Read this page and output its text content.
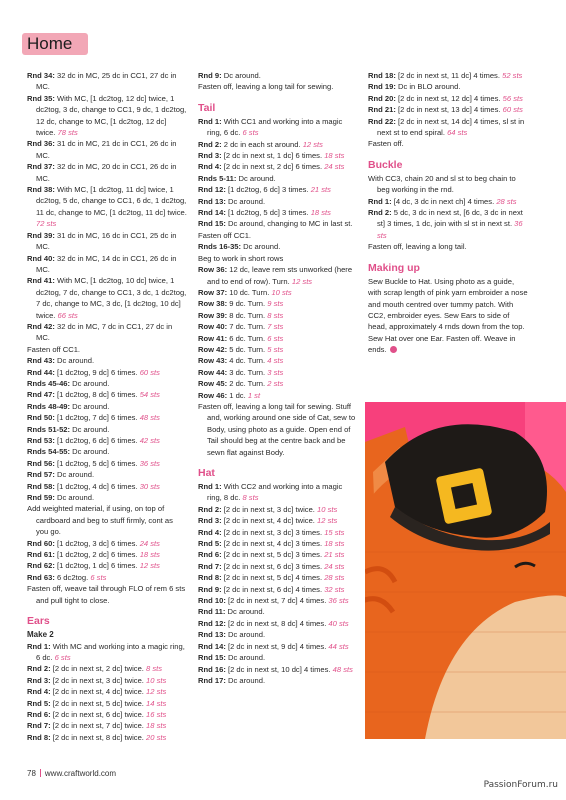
Home
Rnd 34: 32 dc in MC, 25 dc in CC1, 27 dc in MC.
Rnd 35: With MC, [1 dc2tog, 12 dc] twice, 1 dc2tog, 3 dc, change to CC1, 9 dc, 1 dc2tog, 12 dc, change to MC, [1 dc2tog, 12 dc] twice. 78 sts
Rnd 36: 31 dc in MC, 21 dc in CC1, 26 dc in MC.
Rnd 37: 32 dc in MC, 20 dc in CC1, 26 dc in MC.
Rnd 38: With MC, [1 dc2tog, 11 dc] twice, 1 dc2tog, 5 dc, change to CC1, 6 dc, 1 dc2tog, 11 dc, change to MC, [1 dc2tog, 11 dc] twice. 72 sts
Rnd 39: 31 dc in MC, 16 dc in CC1, 25 dc in MC.
Rnd 40: 32 dc in MC, 14 dc in CC1, 26 dc in MC.
Rnd 41: With MC, [1 dc2tog, 10 dc] twice, 1 dc2tog, 7 dc, change to CC1, 3 dc, 1 dc2tog, 7 dc, change to MC, 3 dc, [1 dc2tog, 10 dc] twice. 66 sts
Rnd 42: 32 dc in MC, 7 dc in CC1, 27 dc in MC.
Fasten off CC1.
Rnd 43: Dc around.
Rnd 44: [1 dc2tog, 9 dc] 6 times. 60 sts
Rnds 45-46: Dc around.
Rnd 47: [1 dc2tog, 8 dc] 6 times. 54 sts
Rnds 48-49: Dc around.
Rnd 50: [1 dc2tog, 7 dc] 6 times. 48 sts
Rnds 51-52: Dc around.
Rnd 53: [1 dc2tog, 6 dc] 6 times. 42 sts
Rnds 54-55: Dc around.
Rnd 56: [1 dc2tog, 5 dc] 6 times. 36 sts
Rnd 57: Dc around.
Rnd 58: [1 dc2tog, 4 dc] 6 times. 30 sts
Rnd 59: Dc around.
Add weighted material, if using, on top of cardboard and beg to stuff firmly, cont as you go.
Rnd 60: [1 dc2tog, 3 dc] 6 times. 24 sts
Rnd 61: [1 dc2tog, 2 dc] 6 times. 18 sts
Rnd 62: [1 dc2tog, 1 dc] 6 times. 12 sts
Rnd 63: 6 dc2tog. 6 sts
Fasten off, weave tail through FLO of rem 6 sts and pull tight to close.
Ears
Make 2
Rnd 1: With MC and working into a magic ring, 6 dc. 6 sts
Rnd 2: [2 dc in next st, 2 dc] twice. 8 sts
Rnd 3: [2 dc in next st, 3 dc] twice. 10 sts
Rnd 4: [2 dc in next st, 4 dc] twice. 12 sts
Rnd 5: [2 dc in next st, 5 dc] twice. 14 sts
Rnd 6: [2 dc in next st, 6 dc] twice. 16 sts
Rnd 7: [2 dc in next st, 7 dc] twice. 18 sts
Rnd 8: [2 dc in next st, 8 dc] twice. 20 sts
Rnd 9: Dc around.
Fasten off, leaving a long tail for sewing.
Tail
Rnd 1: With CC1 and working into a magic ring, 6 dc. 6 sts
Rnd 2: 2 dc in each st around. 12 sts
Rnd 3: [2 dc in next st, 1 dc] 6 times. 18 sts
Rnd 4: [2 dc in next st, 2 dc] 6 times. 24 sts
Rnds 5-11: Dc around.
Rnd 12: [1 dc2tog, 6 dc] 3 times. 21 sts
Rnd 13: Dc around.
Rnd 14: [1 dc2tog, 5 dc] 3 times. 18 sts
Rnd 15: Dc around, changing to MC in last st.
Fasten off CC1.
Rnds 16-35: Dc around.
Beg to work in short rows
Row 36: 12 dc, leave rem sts unworked (here and to end of row). Turn. 12 sts
Row 37: 10 dc. Turn. 10 sts
Row 38: 9 dc. Turn. 9 sts
Row 39: 8 dc. Turn. 8 sts
Row 40: 7 dc. Turn. 7 sts
Row 41: 6 dc. Turn. 6 sts
Row 42: 5 dc. Turn. 5 sts
Row 43: 4 dc. Turn. 4 sts
Row 44: 3 dc. Turn. 3 sts
Row 45: 2 dc. Turn. 2 sts
Row 46: 1 dc. 1 st
Fasten off, leaving a long tail for sewing. Stuff and, working around one side of Cat, sew to Body, using photo as a guide. Open end of Tail should beg at the centre back and be sewn flat against Body.
Hat
Rnd 1: With CC2 and working into a magic ring, 8 dc. 8 sts
Rnd 2: [2 dc in next st, 3 dc] twice. 10 sts
Rnd 3: [2 dc in next st, 4 dc] twice. 12 sts
Rnd 4: [2 dc in next st, 3 dc] 3 times. 15 sts
Rnd 5: [2 dc in next st, 4 dc] 3 times. 18 sts
Rnd 6: [2 dc in next st, 5 dc] 3 times. 21 sts
Rnd 7: [2 dc in next st, 6 dc] 3 times. 24 sts
Rnd 8: [2 dc in next st, 5 dc] 4 times. 28 sts
Rnd 9: [2 dc in next st, 6 dc] 4 times. 32 sts
Rnd 10: [2 dc in next st, 7 dc] 4 times. 36 sts
Rnd 11: Dc around.
Rnd 12: [2 dc in next st, 8 dc] 4 times. 40 sts
Rnd 13: Dc around.
Rnd 14: [2 dc in next st, 9 dc] 4 times. 44 sts
Rnd 15: Dc around.
Rnd 16: [2 dc in next st, 10 dc] 4 times. 48 sts
Rnd 17: Dc around.
Rnd 18: [2 dc in next st, 11 dc] 4 times. 52 sts
Rnd 19: Dc in BLO around.
Rnd 20: [2 dc in next st, 12 dc] 4 times. 56 sts
Rnd 21: [2 dc in next st, 13 dc] 4 times. 60 sts
Rnd 22: [2 dc in next st, 14 dc] 4 times, sl st in next st to end spiral. 64 sts
Fasten off.
Buckle
With CC3, chain 20 and sl st to beg chain to beg working in the rnd.
Rnd 1: [4 dc, 3 dc in next ch] 4 times. 28 sts
Rnd 2: 5 dc, 3 dc in next st, [6 dc, 3 dc in next st] 3 times, 1 dc, join with sl st in next st. 36 sts
Fasten off, leaving a long tail.
Making up
Sew Buckle to Hat. Using photo as a guide, with scrap length of pink yarn embroider a nose and mouth centred over tummy patch. With CC2, embroider eyes. Sew Ears to side of head, approximately 4 rnds down from the top. Sew Hat over one Ear. Fasten off. Weave in ends.
78 www.craftworld.com
PassionForum.ru
